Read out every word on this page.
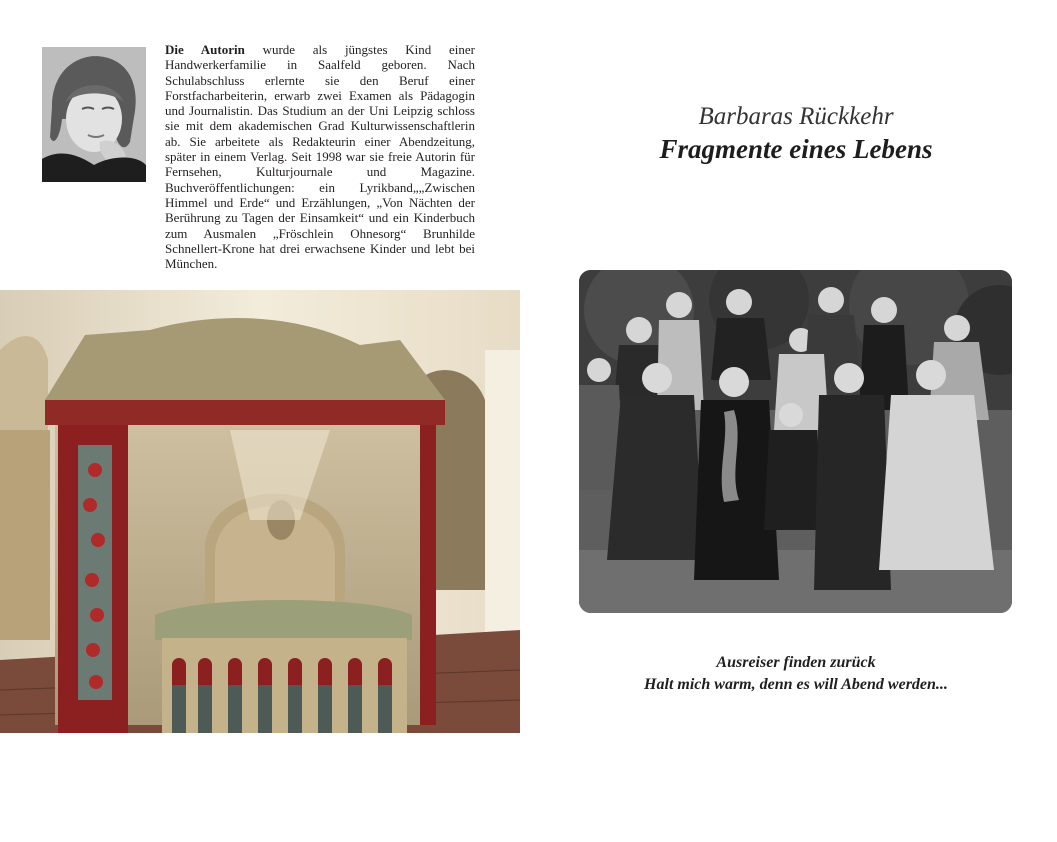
Die Autorin wurde als jüngstes Kind einer Handwerkerfamilie in Saalfeld geboren. Nach Schulabschluss erlernte sie den Beruf einer Forstfacharbeiterin, erwarb zwei Examen als Pädagogin und Journalistin. Das Studium an der Uni Leipzig schloss sie mit dem akademischen Grad Kulturwissenschaftlerin ab. Sie arbeitete als Redakteurin einer Abendzeitung, später in einem Verlag. Seit 1998 war sie freie Autorin für Fernsehen, Kulturjournale und Magazine. Buchveröffentlichungen: ein Lyrikband„„Zwischen Himmel und Erde“ und Erzählungen, „Von Nächten der Berührung zu Tagen der Einsamkeit“ und ein Kinderbuch zum Ausmalen „Fröschlein Ohnesorg“ Brunhilde Schnellert-Krone hat drei erwachsene Kinder und lebt bei München.
Barbaras Rückkehr
Fragmente eines Lebens
Ausreiser finden zurück
Halt mich warm, denn es will Abend werden...
